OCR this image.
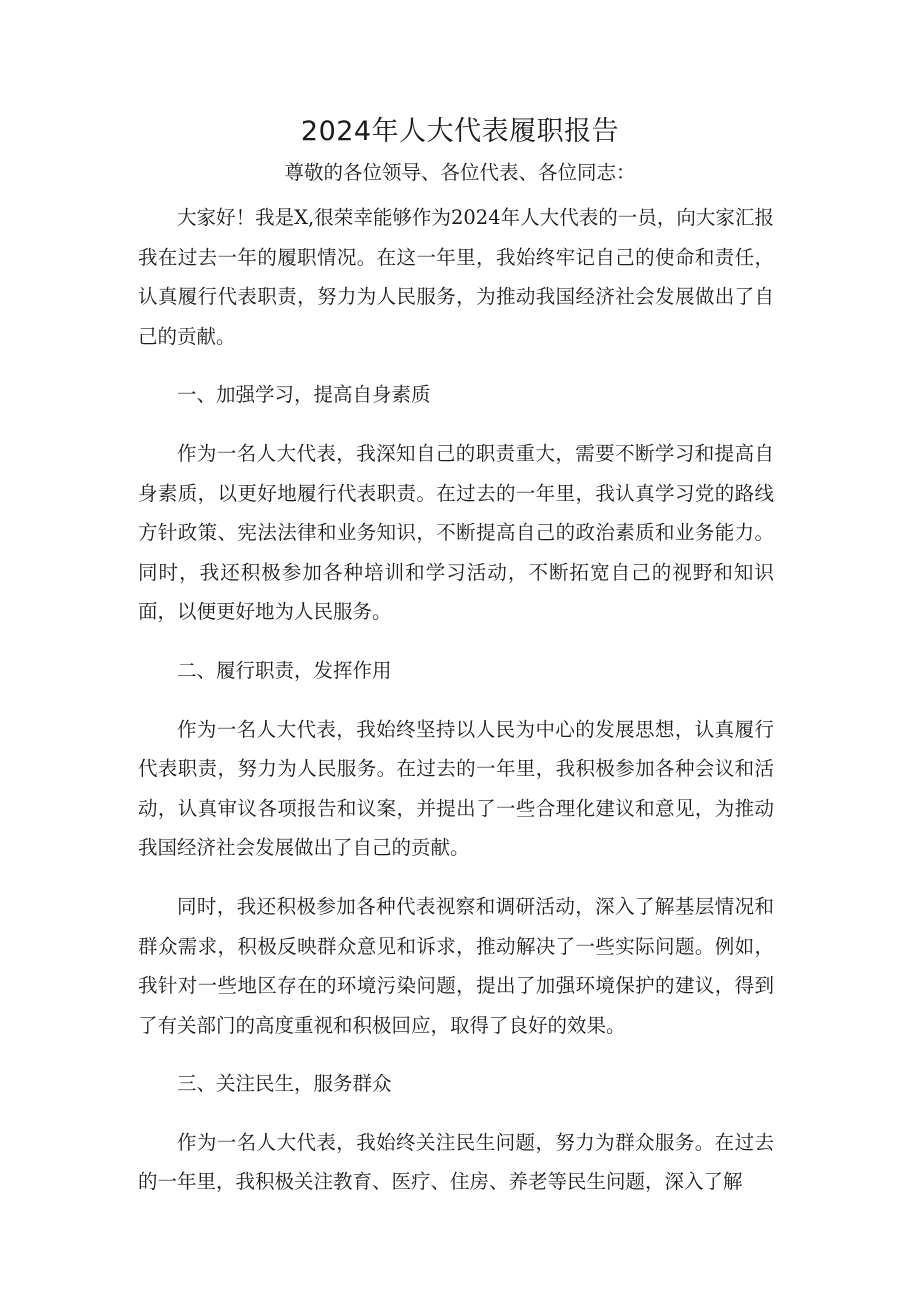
2024年人大代表履职报告

尊敬的各位领导、各位代表、各位同志：

大家好！我是X,很荣幸能够作为2024年人大代表的一员，向大家汇报我在过去一年的履职情况。在这一年里，我始终牢记自己的使命和责任，认真履行代表职责，努力为人民服务，为推动我国经济社会发展做出了自己的贡献。

一、加强学习，提高自身素质

作为一名人大代表，我深知自己的职责重大，需要不断学习和提高自身素质，以更好地履行代表职责。在过去的一年里，我认真学习党的路线方针政策、宪法法律和业务知识，不断提高自己的政治素质和业务能力。同时，我还积极参加各种培训和学习活动，不断拓宽自己的视野和知识面，以便更好地为人民服务。

二、履行职责，发挥作用

作为一名人大代表，我始终坚持以人民为中心的发展思想，认真履行代表职责，努力为人民服务。在过去的一年里，我积极参加各种会议和活动，认真审议各项报告和议案，并提出了一些合理化建议和意见，为推动我国经济社会发展做出了自己的贡献。

同时，我还积极参加各种代表视察和调研活动，深入了解基层情况和群众需求，积极反映群众意见和诉求，推动解决了一些实际问题。例如，我针对一些地区存在的环境污染问题，提出了加强环境保护的建议，得到了有关部门的高度重视和积极回应，取得了良好的效果。

三、关注民生，服务群众

作为一名人大代表，我始终关注民生问题，努力为群众服务。在过去的一年里，我积极关注教育、医疗、住房、养老等民生问题，深入了解
